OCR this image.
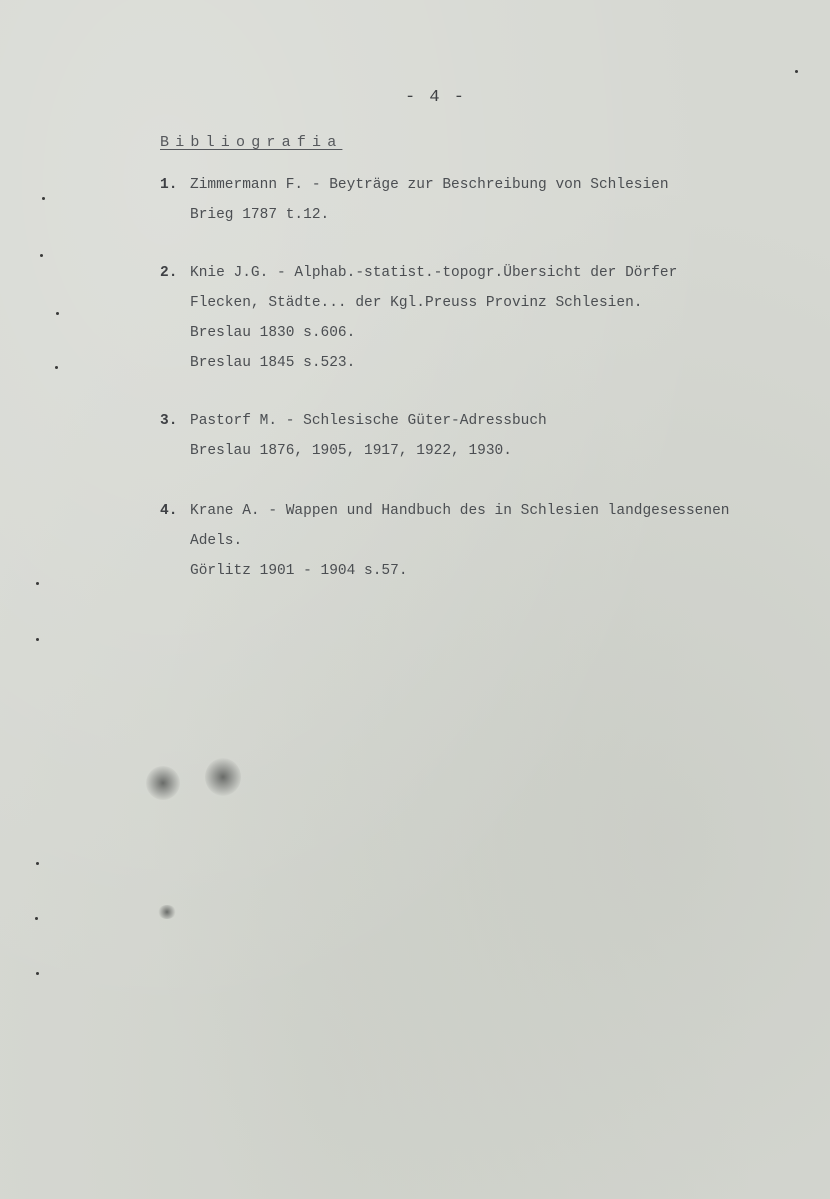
- 4 -
Bibliografia
1. Zimmermann F. - Beyträge zur Beschreibung von Schlesien
Brieg 1787 t.12.
2. Knie J.G. - Alphab.-statist.-topogr.Übersicht der Dörfer
Flecken, Städte... der Kgl.Preuss Provinz Schlesien.
Breslau 1830 s.606.
Breslau 1845 s.523.
3. Pastorf M. - Schlesische Güter-Adressbuch
Breslau 1876, 1905, 1917, 1922, 1930.
4. Krane A. - Wappen und Handbuch des in Schlesien landgesessenen
Adels.
Görlitz 1901 - 1904 s.57.
